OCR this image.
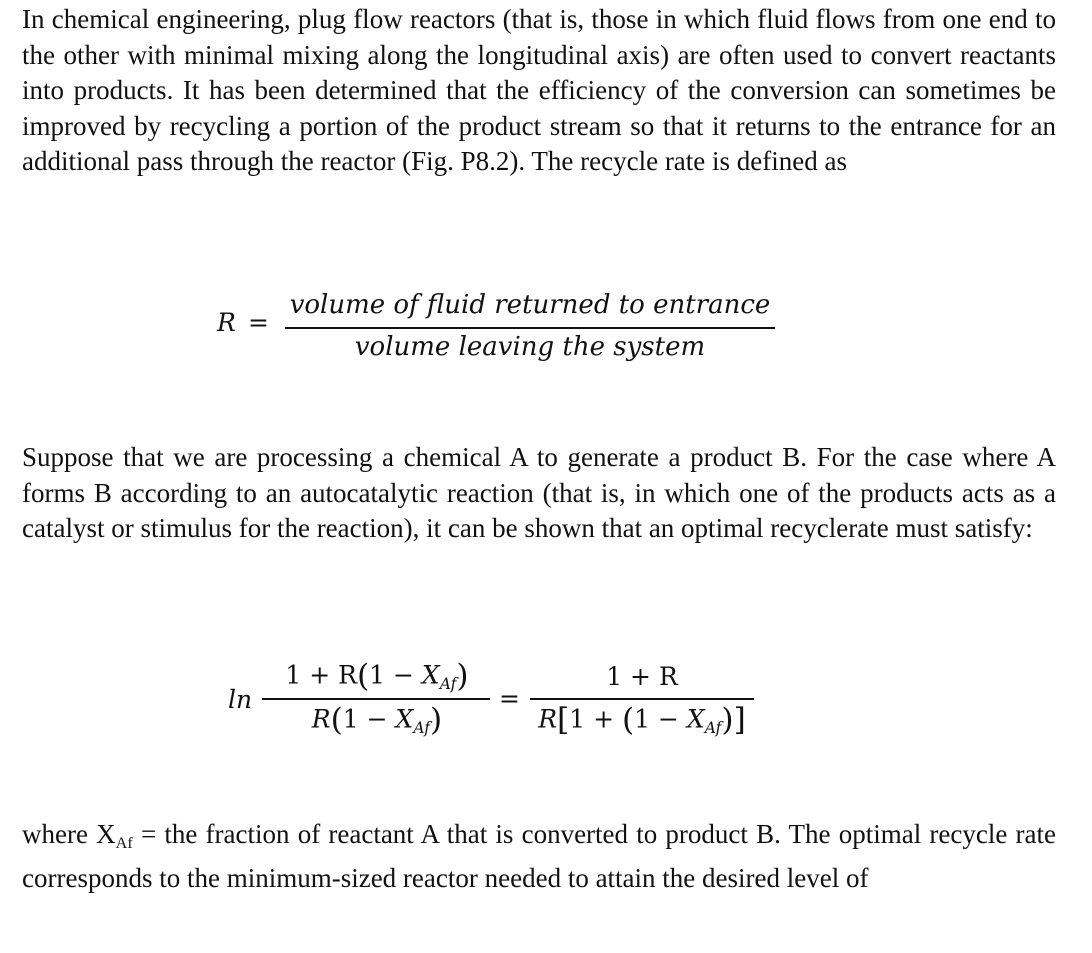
In chemical engineering, plug flow reactors (that is, those in which fluid flows from one end to the other with minimal mixing along the longitudinal axis) are often used to convert reactants into products. It has been determined that the efficiency of the conversion can sometimes be improved by recycling a portion of the product stream so that it returns to the entrance for an additional pass through the reactor (Fig. P8.2). The recycle rate is defined as

R =
volume of fluid returned to entrance
volume leaving the system

Suppose that we are processing a chemical A to generate a product B. For the case where A forms B according to an autocatalytic reaction (that is, in which one of the products acts as a catalyst or stimulus for the reaction), it can be shown that an optimal recyclerate must satisfy:

ln
$1 + R(1 - X_{Af})$
$R(1 - X_{Af})$
=
1 + R
$R[1 + (1 - X_{Af})]$

where XAf = the fraction of reactant A that is converted to product B. The optimal recycle rate corresponds to the minimum-sized reactor needed to attain the desired level of
